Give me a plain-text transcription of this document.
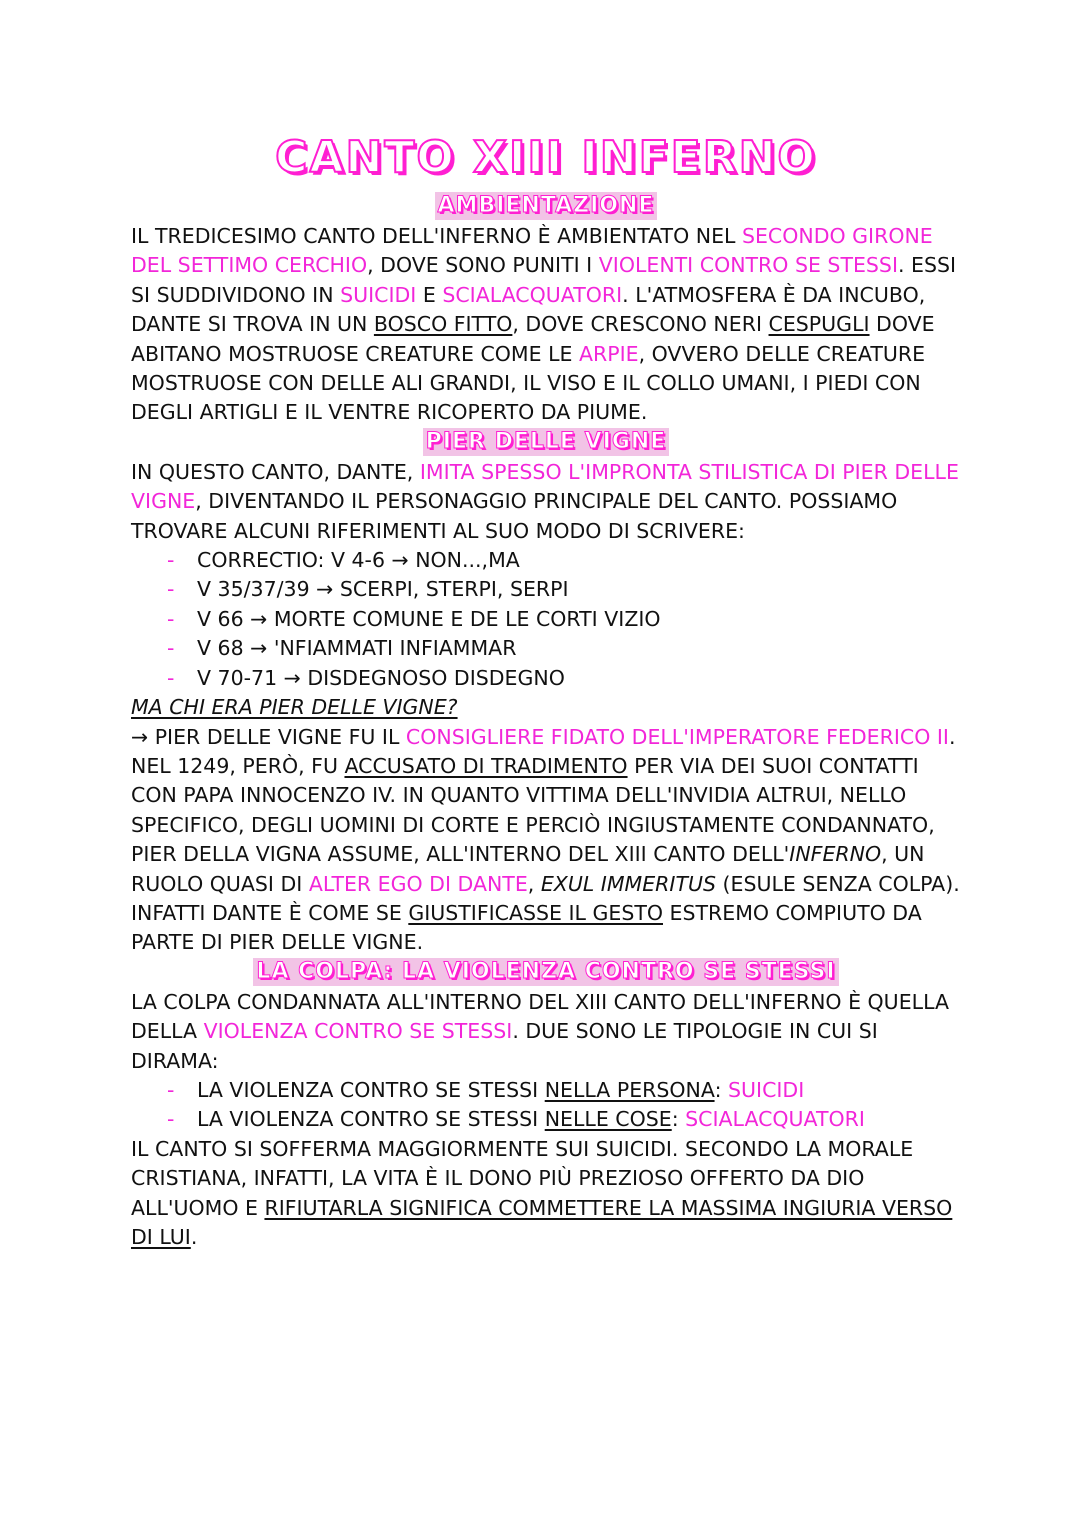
CANTO XIII INFERNO
AMBIENTAZIONE

IL TREDICESIMO CANTO DELL'INFERNO È AMBIENTATO NEL SECONDO GIRONE DEL SETTIMO CERCHIO, DOVE SONO PUNITI I VIOLENTI CONTRO SE STESSI. ESSI SI SUDDIVIDONO IN SUICIDI E SCIALACQUATORI. L'ATMOSFERA È DA INCUBO, DANTE SI TROVA IN UN BOSCO FITTO, DOVE CRESCONO NERI CESPUGLI DOVE ABITANO MOSTRUOSE CREATURE COME LE ARPIE, OVVERO DELLE CREATURE MOSTRUOSE CON DELLE ALI GRANDI, IL VISO E IL COLLO UMANI, I PIEDI CON DEGLI ARTIGLI E IL VENTRE RICOPERTO DA PIUME.

PIER DELLE VIGNE

IN QUESTO CANTO, DANTE, IMITA SPESSO L'IMPRONTA STILISTICA DI PIER DELLE VIGNE, DIVENTANDO IL PERSONAGGIO PRINCIPALE DEL CANTO. POSSIAMO TROVARE ALCUNI RIFERIMENTI AL SUO MODO DI SCRIVERE:

- CORRECTIO: V 4-6 → NON...,MA
- V 35/37/39 → SCERPI, STERPI, SERPI
- V 66 → MORTE COMUNE E DE LE CORTI VIZIO
- V 68 → 'NFIAMMATI INFIAMMAR
- V 70-71 → DISDEGNOSO DISDEGNO

MA CHI ERA PIER DELLE VIGNE?

→ PIER DELLE VIGNE FU IL CONSIGLIERE FIDATO DELL'IMPERATORE FEDERICO II. NEL 1249, PERÒ, FU ACCUSATO DI TRADIMENTO PER VIA DEI SUOI CONTATTI CON PAPA INNOCENZO IV. IN QUANTO VITTIMA DELL'INVIDIA ALTRUI, NELLO SPECIFICO, DEGLI UOMINI DI CORTE E PERCIÒ INGIUSTAMENTE CONDANNATO, PIER DELLA VIGNA ASSUME, ALL'INTERNO DEL XIII CANTO DELL'INFERNO, UN RUOLO QUASI DI ALTER EGO DI DANTE, EXUL IMMERITUS (ESULE SENZA COLPA). INFATTI DANTE È COME SE GIUSTIFICASSE IL GESTO ESTREMO COMPIUTO DA PARTE DI PIER DELLE VIGNE.

LA COLPA: LA VIOLENZA CONTRO SE STESSI

LA COLPA CONDANNATA ALL'INTERNO DEL XIII CANTO DELL'INFERNO È QUELLA DELLA VIOLENZA CONTRO SE STESSI. DUE SONO LE TIPOLOGIE IN CUI SI DIRAMA:

- LA VIOLENZA CONTRO SE STESSI NELLA PERSONA: SUICIDI
- LA VIOLENZA CONTRO SE STESSI NELLE COSE: SCIALACQUATORI

IL CANTO SI SOFFERMA MAGGIORMENTE SUI SUICIDI. SECONDO LA MORALE CRISTIANA, INFATTI, LA VITA È IL DONO PIÙ PREZIOSO OFFERTO DA DIO ALL'UOMO E RIFIUTARLA SIGNIFICA COMMETTERE LA MASSIMA INGIURIA VERSO DI LUI.
